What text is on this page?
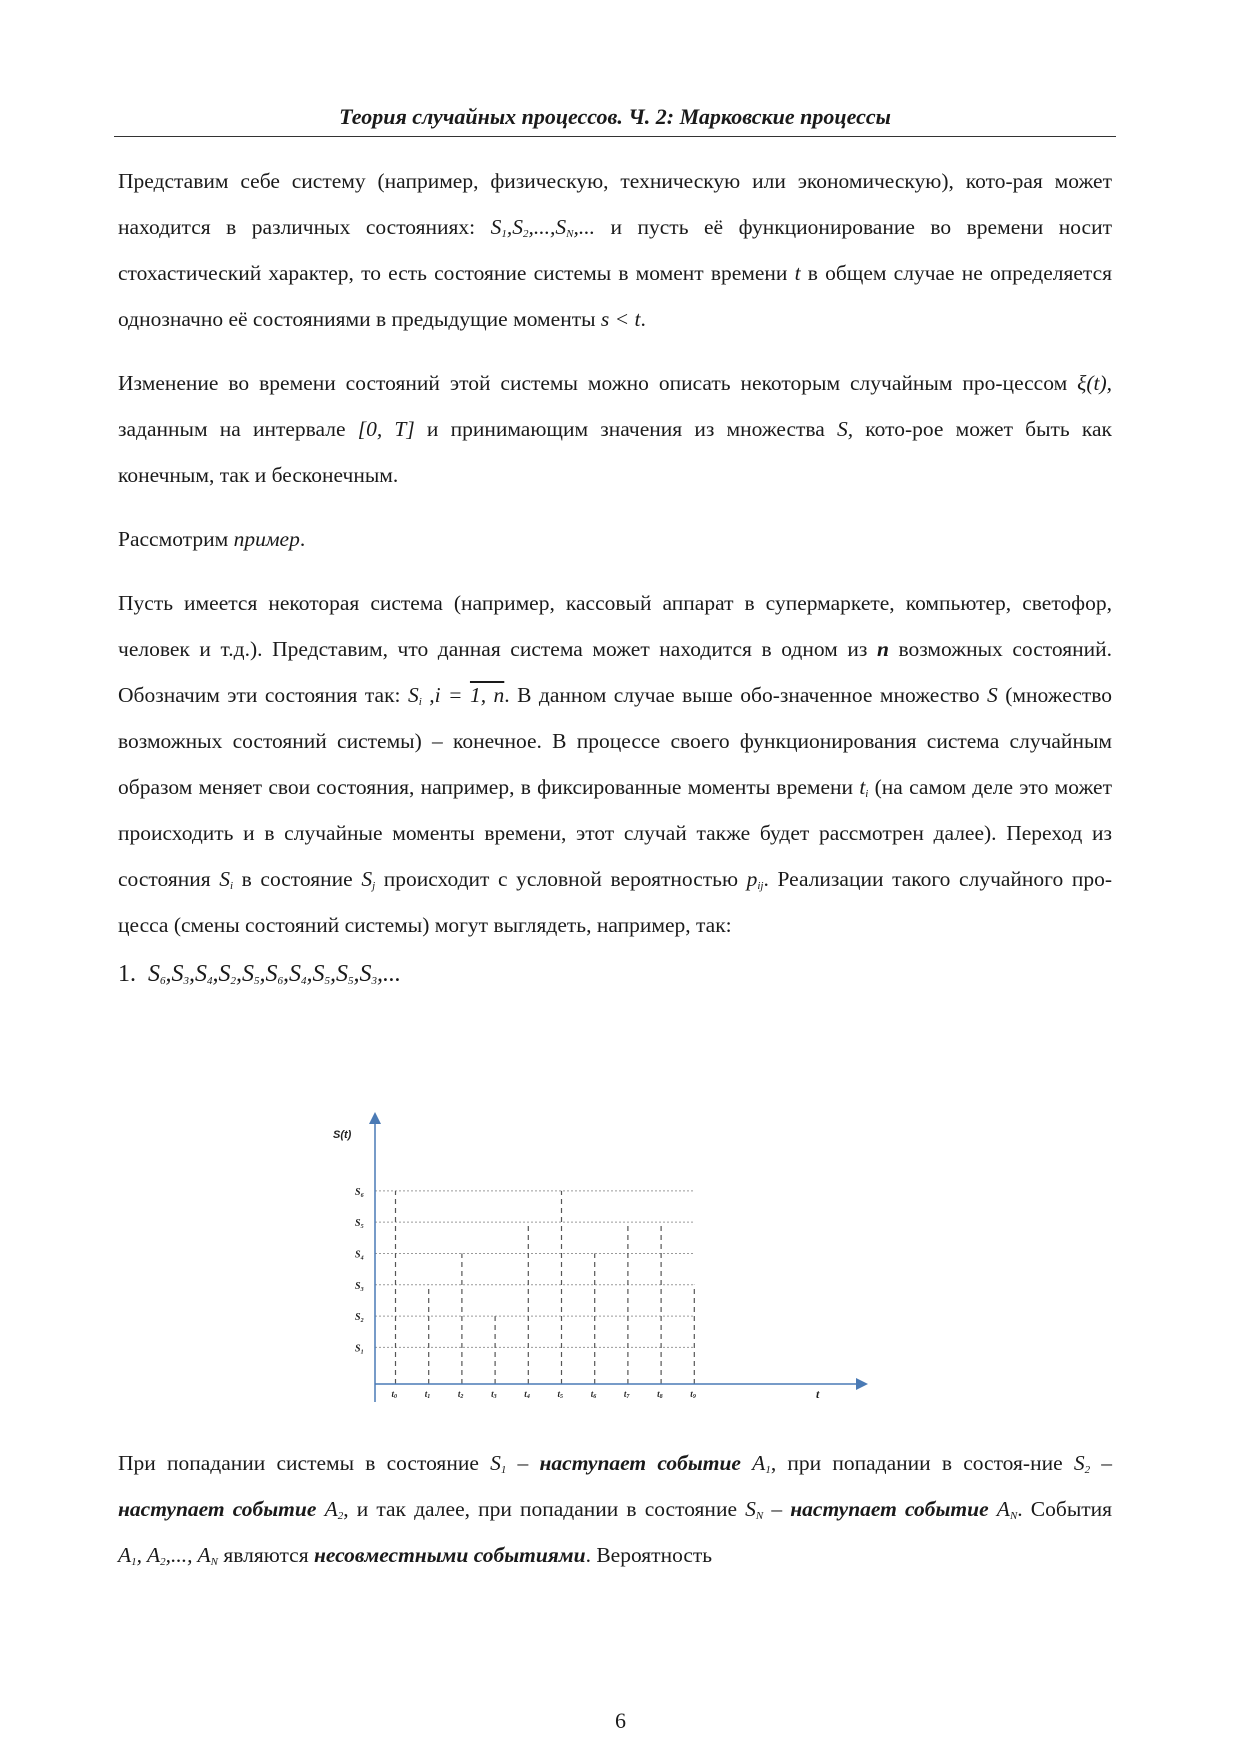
Теория случайных процессов. Ч. 2: Марковские процессы

Представим себе систему (например, физическую, техническую или экономическую), кото-рая может находится в различных состояниях: $S_1,S_2,...,S_N$,... и пусть её функционирование во времени носит стохастический характер, то есть состояние системы в момент времени t в общем случае не определяется однозначно её состояниями в предыдущие моменты s < t.

Изменение во времени состояний этой системы можно описать некоторым случайным про-цессом ξ(t), заданным на интервале [0, T] и принимающим значения из множества S, кото-рое может быть как конечным, так и бесконечным.

Рассмотрим пример.

Пусть имеется некоторая система (например, кассовый аппарат в супермаркете, компьютер, светофор, человек и т.д.). Представим, что данная система может находится в одном из n возможных состояний. Обозначим эти состояния так: $S_i$ ,i = 1, n. В данном случае выше обо-значенное множество S (множество возможных состояний системы) – конечное. В процессе своего функционирования система случайным образом меняет свои состояния, например, в фиксированные моменты времени $t_i$ (на самом деле это может происходить и в случайные моменты времени, этот случай также будет рассмотрен далее). Переход из состояния $S_i$ в состояние $S_j$ происходит с условной вероятностью $p_{ij}$. Реализации такого случайного про-цесса (смены состояний системы) могут выглядеть, например, так:

1. $S_6,S_3,S_4,S_2,S_5,S_6,S_4,S_5,S_5,S_3$,...

S(t)
t
$S_1$
$S_2$
$S_3$
$S_4$
$S_5$
$S_6$
t0	t1	t2	t3	t4	t5	t6	t7	t8	t9

При попадании системы в состояние $S_1$ – наступает событие $A_1$, при попадании в состоя-ние $S_2$ – наступает событие $A_2$, и так далее, при попадании в состояние $S_N$ – наступает событие $A_N$. События $A_1$, $A_2$,..., $A_N$ являются несовместными событиями. Вероятность

6
